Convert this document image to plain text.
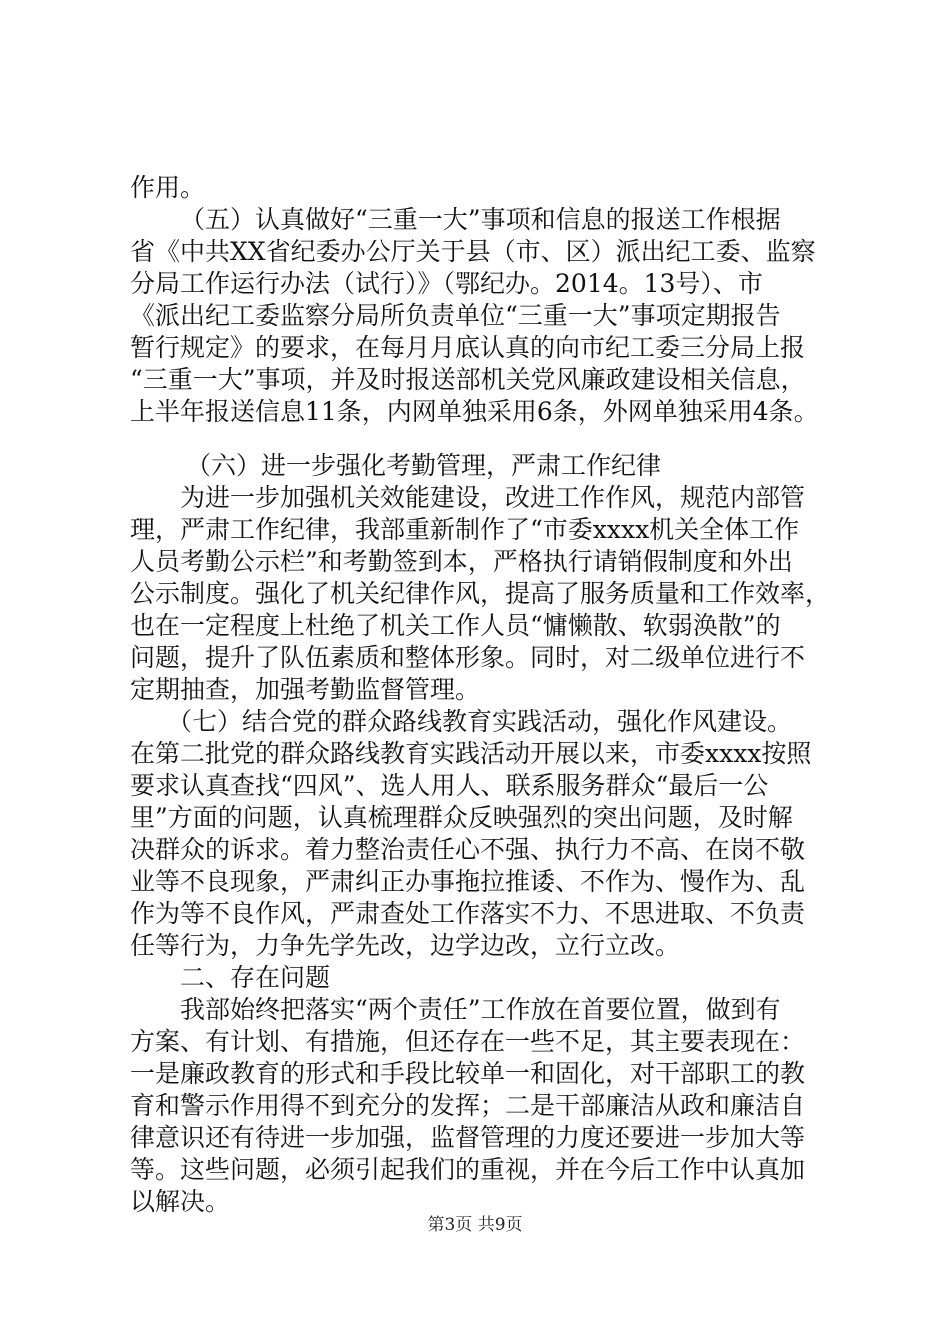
作用。
（五）认真做好“三重一大”事项和信息的报送工作根据
省《中共XX省纪委办公厅关于县（市、区）派出纪工委、监察
分局工作运行办法（试行）》（鄂纪办。2014。13号）、市
《派出纪工委监察分局所负责单位“三重一大”事项定期报告
暂行规定》的要求，在每月月底认真的向市纪工委三分局上报
“三重一大”事项，并及时报送部机关党风廉政建设相关信息，
上半年报送信息11条，内网单独采用6条，外网单独采用4条。
（六）进一步强化考勤管理，严肃工作纪律
为进一步加强机关效能建设，改进工作作风，规范内部管
理，严肃工作纪律，我部重新制作了“市委xxxx机关全体工作
人员考勤公示栏”和考勤签到本，严格执行请销假制度和外出
公示制度。强化了机关纪律作风，提高了服务质量和工作效率，
也在一定程度上杜绝了机关工作人员“慵懒散、软弱涣散”的
问题，提升了队伍素质和整体形象。同时，对二级单位进行不
定期抽查，加强考勤监督管理。
（七）结合党的群众路线教育实践活动，强化作风建设。
在第二批党的群众路线教育实践活动开展以来，市委xxxx按照
要求认真查找“四风”、选人用人、联系服务群众“最后一公
里”方面的问题，认真梳理群众反映强烈的突出问题，及时解
决群众的诉求。着力整治责任心不强、执行力不高、在岗不敬
业等不良现象，严肃纠正办事拖拉推诿、不作为、慢作为、乱
作为等不良作风，严肃查处工作落实不力、不思进取、不负责
任等行为，力争先学先改，边学边改，立行立改。
二、存在问题
我部始终把落实“两个责任”工作放在首要位置，做到有
方案、有计划、有措施，但还存在一些不足，其主要表现在：
一是廉政教育的形式和手段比较单一和固化，对干部职工的教
育和警示作用得不到充分的发挥；二是干部廉洁从政和廉洁自
律意识还有待进一步加强，监督管理的力度还要进一步加大等
等。这些问题，必须引起我们的重视，并在今后工作中认真加
以解决。
第3页 共9页
